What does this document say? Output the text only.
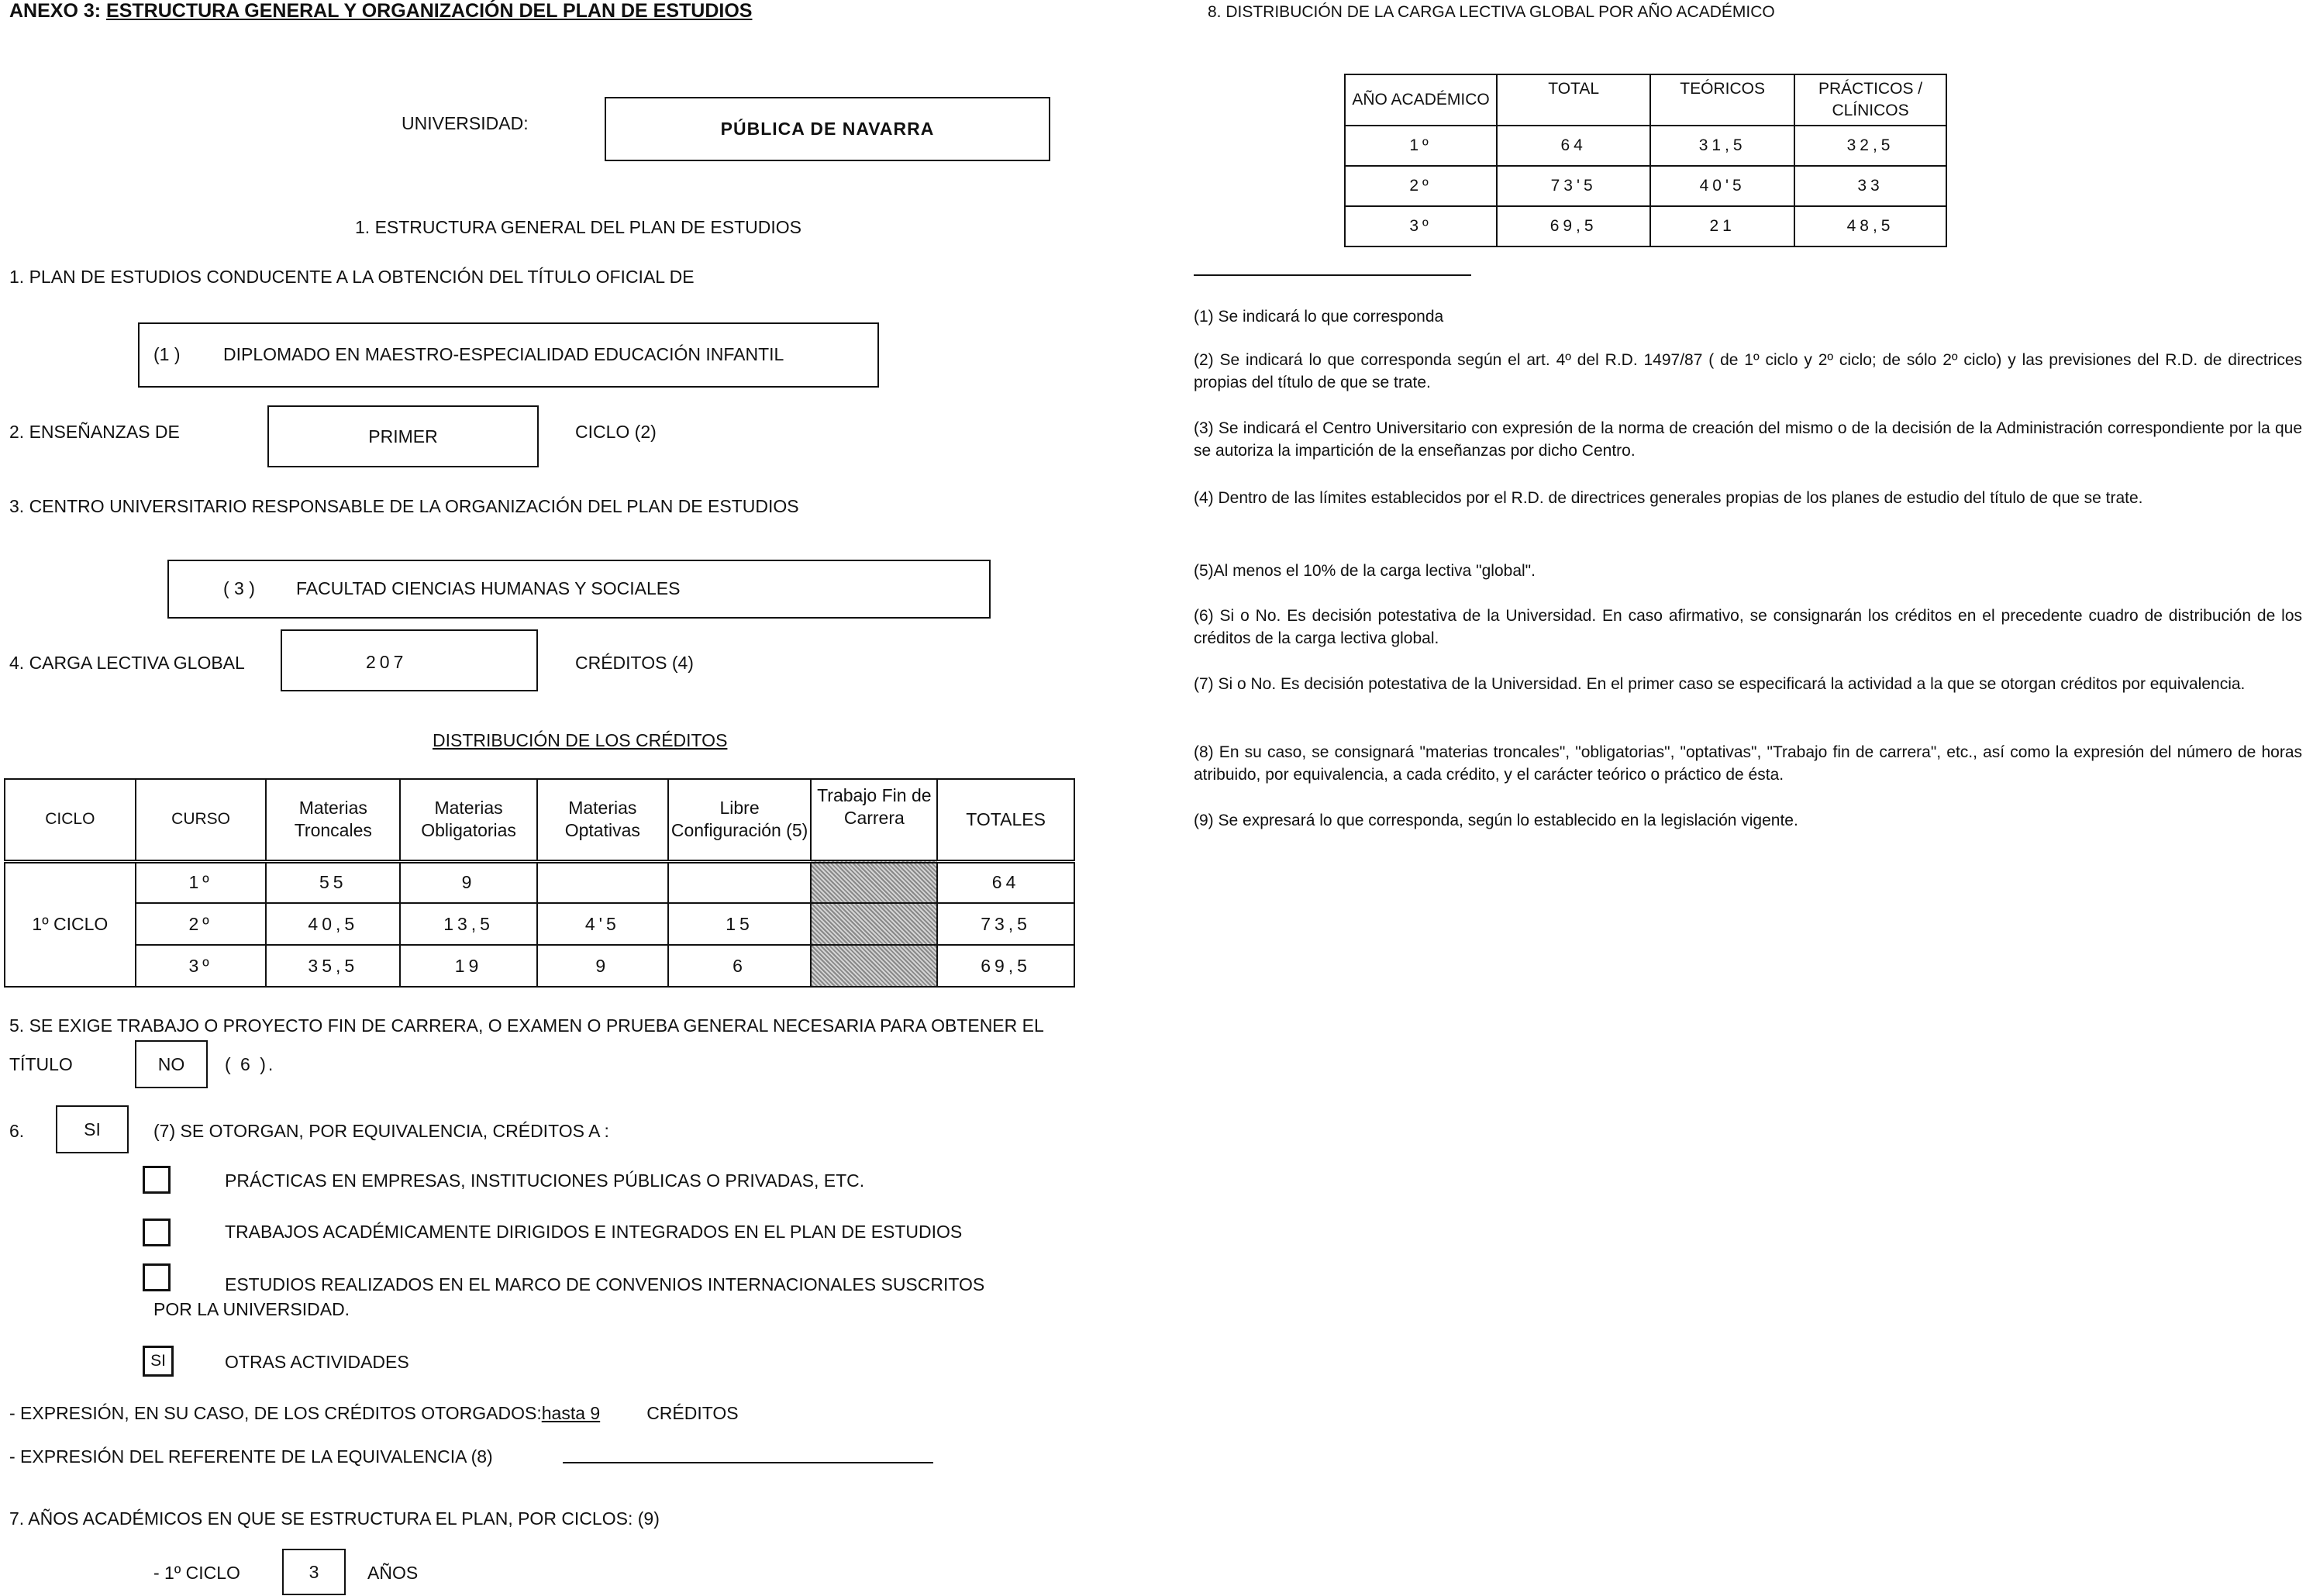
ANEXO 3: ESTRUCTURA GENERAL Y ORGANIZACIÓN DEL PLAN DE ESTUDIOS
UNIVERSIDAD:	PÚBLICA DE NAVARRA
1. ESTRUCTURA GENERAL DEL PLAN DE ESTUDIOS
1. PLAN DE ESTUDIOS CONDUCENTE A LA OBTENCIÓN DEL TÍTULO OFICIAL DE
(1 ) DIPLOMADO EN MAESTRO-ESPECIALIDAD EDUCACIÓN INFANTIL
2. ENSEÑANZAS DE	PRIMER	CICLO (2)
3. CENTRO UNIVERSITARIO RESPONSABLE DE LA ORGANIZACIÓN DEL PLAN DE ESTUDIOS
( 3 ) FACULTAD CIENCIAS HUMANAS Y SOCIALES
4. CARGA LECTIVA GLOBAL	207	CRÉDITOS (4)
DISTRIBUCIÓN DE LOS CRÉDITOS
CICLO	CURSO	Materias Troncales	Materias Obligatorias	Materias Optativas	Libre Configuración (5)	Trabajo Fin de Carrera	TOTALES
1º CICLO	1º	55	9				64
	2º	40,5	13,5	4'5	15		73,5
	3º	35,5	19	9	6		69,5
5. SE EXIGE TRABAJO O PROYECTO FIN DE CARRERA, O EXAMEN O PRUEBA GENERAL NECESARIA PARA OBTENER EL
TÍTULO	NO ( 6 ).
6.	SI	(7) SE OTORGAN, POR EQUIVALENCIA, CRÉDITOS A :
PRÁCTICAS EN EMPRESAS, INSTITUCIONES PÚBLICAS O PRIVADAS, ETC.
TRABAJOS ACADÉMICAMENTE DIRIGIDOS E INTEGRADOS EN EL PLAN DE ESTUDIOS
ESTUDIOS REALIZADOS EN EL MARCO DE CONVENIOS INTERNACIONALES SUSCRITOS
POR LA UNIVERSIDAD.
SI	OTRAS ACTIVIDADES
- EXPRESIÓN, EN SU CASO, DE LOS CRÉDITOS OTORGADOS:hasta 9	CRÉDITOS
- EXPRESIÓN DEL REFERENTE DE LA EQUIVALENCIA (8)
7. AÑOS ACADÉMICOS EN QUE SE ESTRUCTURA EL PLAN, POR CICLOS: (9)
- 1º CICLO	3	AÑOS
8. DISTRIBUCIÓN DE LA CARGA LECTIVA GLOBAL POR AÑO ACADÉMICO
AÑO ACADÉMICO	TOTAL	TEÓRICOS	PRÁCTICOS / CLÍNICOS
1º	64	31,5	32,5
2º	73'5	40'5	33
3º	69,5	21	48,5
(1) Se indicará lo que corresponda
(2) Se indicará lo que corresponda según el art. 4º del R.D. 1497/87 ( de 1º ciclo y 2º ciclo; de sólo 2º ciclo) y las previsiones del R.D. de directrices propias del título de que se trate.
(3) Se indicará el Centro Universitario con expresión de la norma de creación del mismo o de la decisión de la Administración correspondiente por la que se autoriza la impartición de la enseñanzas por dicho Centro.
(4) Dentro de las límites establecidos por el R.D. de directrices generales propias de los planes de estudio del título de que se trate.
(5)Al menos el 10% de la carga lectiva "global".
(6) Si o No. Es decisión potestativa de la Universidad. En caso afirmativo, se consignarán los créditos en el precedente cuadro de distribución de los créditos de la carga lectiva global.
(7) Si o No. Es decisión potestativa de la Universidad. En el primer caso se especificará la actividad a la que se otorgan créditos por equivalencia.
(8) En su caso, se consignará "materias troncales", "obligatorias", "optativas", "Trabajo fin de carrera", etc., así como la expresión del número de horas atribuido, por equivalencia, a cada crédito, y el carácter teórico o práctico de ésta.
(9) Se expresará lo que corresponda, según lo establecido en la legislación vigente.
